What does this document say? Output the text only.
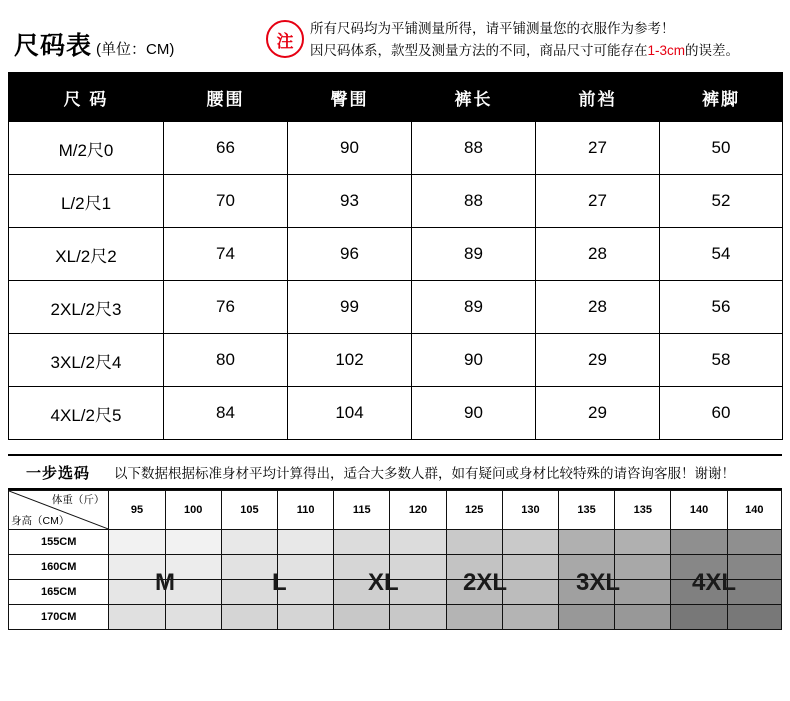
尺码表 (单位：CM)	注
所有尺码均为平铺测量所得，请平铺测量您的衣服作为参考！
因尺码体系，款型及测量方法的不同，商品尺寸可能存在1-3cm的误差。
尺 码	腰围	臀围	裤长	前裆	裤脚
M/2尺0	66	90	88	27	50
L/2尺1	70	93	88	27	52
XL/2尺2	74	96	89	28	54
2XL/2尺3	76	99	89	28	56
3XL/2尺4	80	102	90	29	58
4XL/2尺5	84	104	90	29	60
一步选码	以下数据根据标准身材平均计算得出，适合大多数人群，如有疑问或身材比较特殊的请咨询客服！谢谢！
体重（斤）
身高（CM）	95	100	105	110	115	120	125	130	135	135	140	140
155CM												
160CM												
165CM												
170CM												
M	L	XL	2XL	3XL	4XL
